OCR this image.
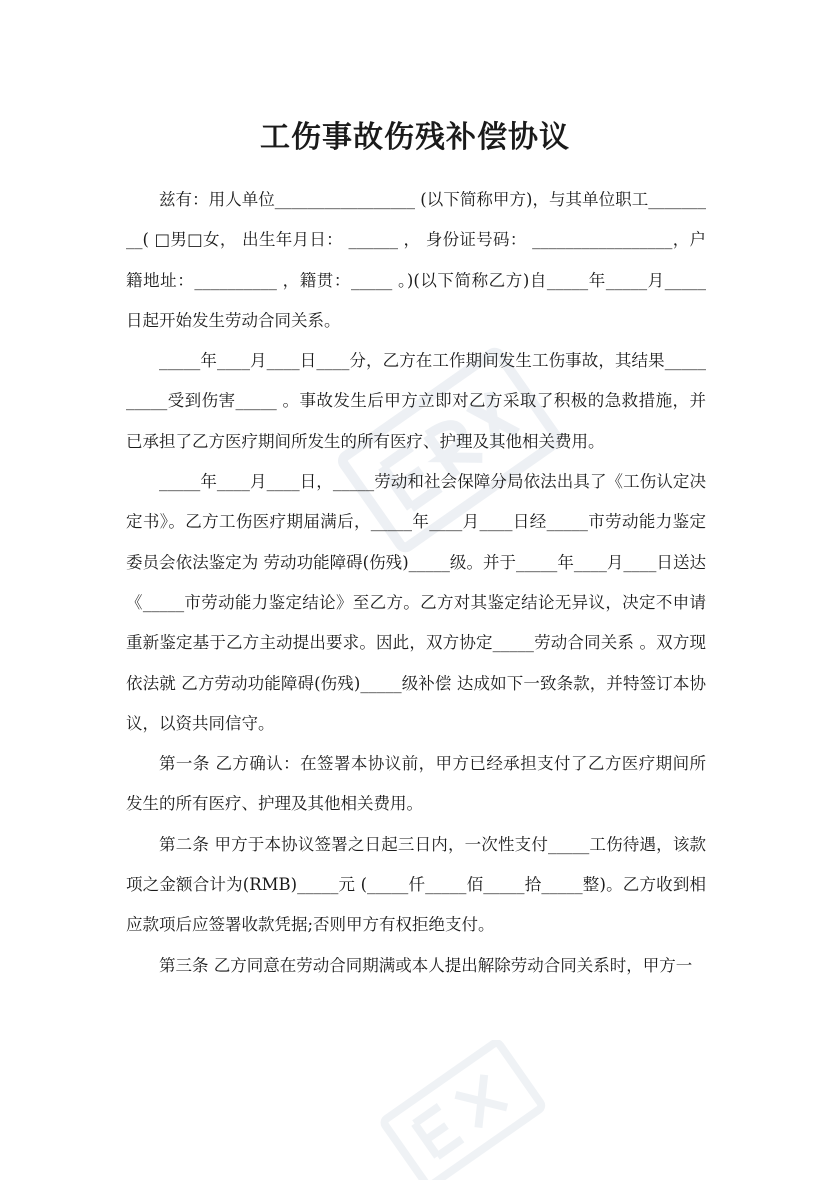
工伤事故伤残补偿协议

兹有：用人单位_________________ (以下简称甲方)，与其单位职工_________( □男□女， 出生年月日： ______ ， 身份证号码： _________________，户籍地址：__________ ，籍贯：_____ 。)(以下简称乙方)自_____年_____月_____日起开始发生劳动合同关系。

_____年____月____日____分，乙方在工作期间发生工伤事故，其结果__________受到伤害_____ 。事故发生后甲方立即对乙方采取了积极的急救措施，并已承担了乙方医疗期间所发生的所有医疗、护理及其他相关费用。

_____年____月____日，_____劳动和社会保障分局依法出具了《工伤认定决定书》。乙方工伤医疗期届满后，_____年____月____日经_____市劳动能力鉴定委员会依法鉴定为 劳动功能障碍(伤残)_____级。并于_____年____月____日送达《_____市劳动能力鉴定结论》至乙方。乙方对其鉴定结论无异议，决定不申请重新鉴定基于乙方主动提出要求。因此，双方协定_____劳动合同关系 。双方现依法就 乙方劳动功能障碍(伤残)_____级补偿 达成如下一致条款，并特签订本协议，以资共同信守。

第一条 乙方确认：在签署本协议前，甲方已经承担支付了乙方医疗期间所发生的所有医疗、护理及其他相关费用。

第二条 甲方于本协议签署之日起三日内，一次性支付_____工伤待遇，该款项之金额合计为(RMB)_____元 (_____仟_____佰_____拾_____整)。乙方收到相应款项后应签署收款凭据;否则甲方有权拒绝支付。

第三条 乙方同意在劳动合同期满或本人提出解除劳动合同关系时，甲方一
